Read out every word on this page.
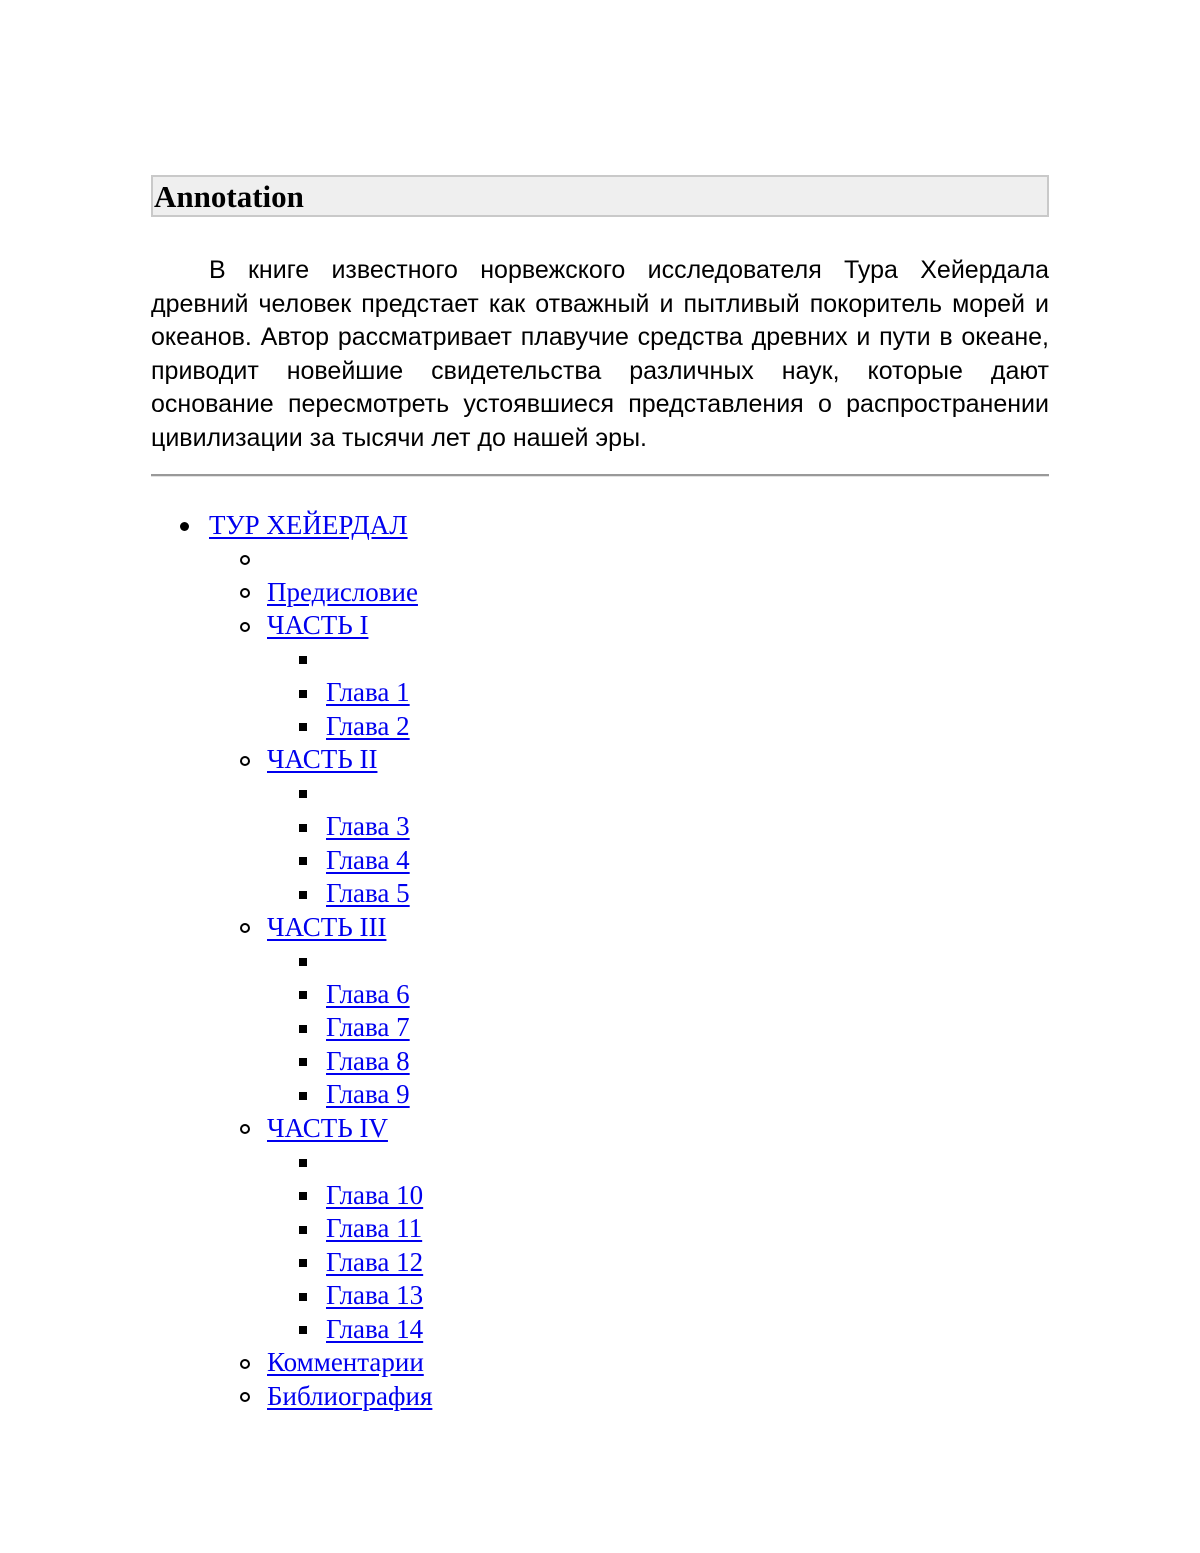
Annotation

В книге известного норвежского исследователя Тура Хейердала древний человек предстает как отважный и пытливый покоритель морей и океанов. Автор рассматривает плавучие средства древних и пути в океане, приводит новейшие свидетельства различных наук, которые дают основание пересмотреть устоявшиеся представления о распространении цивилизации за тысячи лет до нашей эры.

ТУР ХЕЙЕРДАЛ
Предисловие
ЧАСТЬ I
Глава 1
Глава 2
ЧАСТЬ II
Глава 3
Глава 4
Глава 5
ЧАСТЬ III
Глава 6
Глава 7
Глава 8
Глава 9
ЧАСТЬ IV
Глава 10
Глава 11
Глава 12
Глава 13
Глава 14
Комментарии
Библиография
